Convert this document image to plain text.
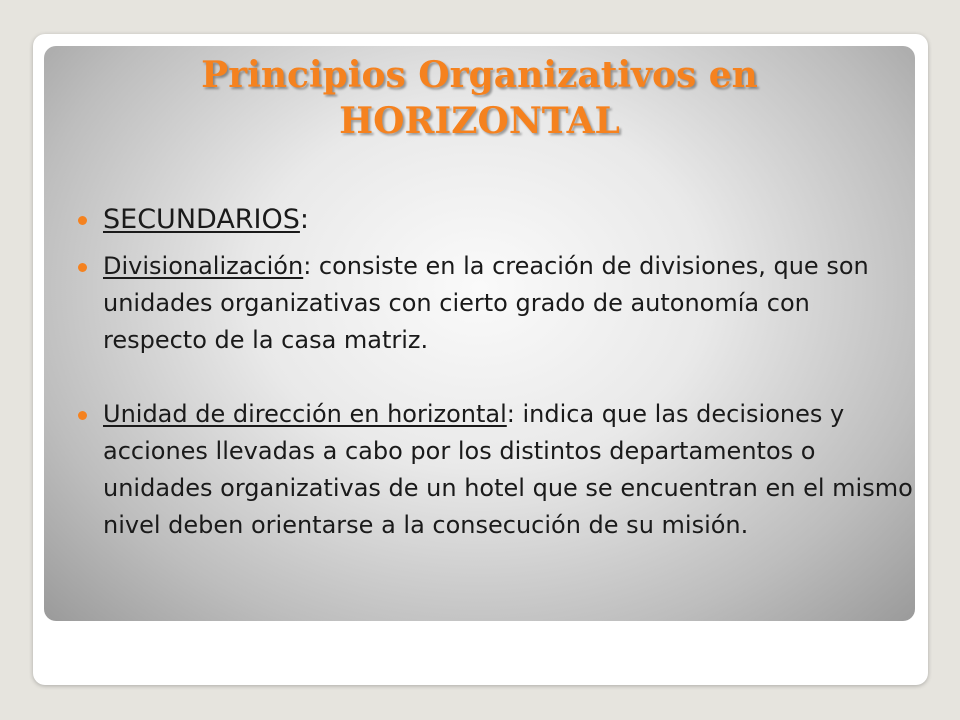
Principios Organizativos en
HORIZONTAL
SECUNDARIOS:
Divisionalización: consiste en la creación de divisiones, que son unidades organizativas con cierto grado de autonomía con respecto de la casa matriz.
Unidad de dirección en horizontal: indica que las decisiones y acciones llevadas a cabo por los distintos departamentos o unidades organizativas de un hotel que se encuentran en el mismo nivel deben orientarse a la consecución de su misión.
